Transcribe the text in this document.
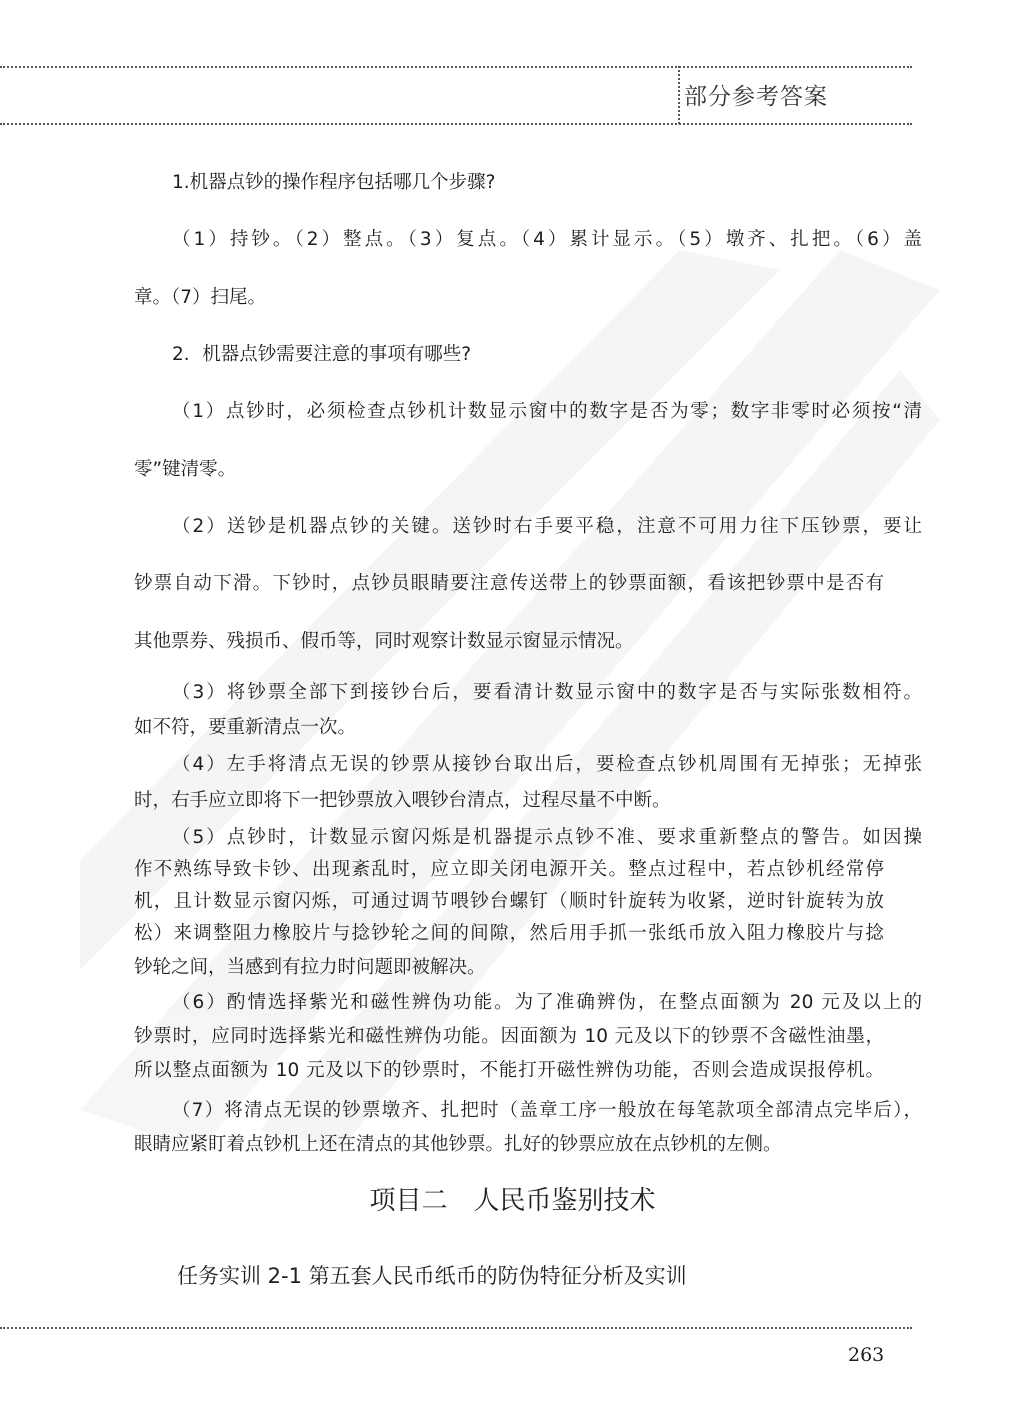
部分参考答案

1.机器点钞的操作程序包括哪几个步骤?

（1）持钞。（2）整点。（3）复点。（4）累计显示。（5）墩齐、扎把。（6）盖

章。（7）扫尾。

2．机器点钞需要注意的事项有哪些?

（1）点钞时，必须检查点钞机计数显示窗中的数字是否为零；数字非零时必须按“清

零”键清零。

（2）送钞是机器点钞的关键。送钞时右手要平稳，注意不可用力往下压钞票，要让

钞票自动下滑。下钞时，点钞员眼睛要注意传送带上的钞票面额，看该把钞票中是否有

其他票券、残损币、假币等，同时观察计数显示窗显示情况。

（3）将钞票全部下到接钞台后，要看清计数显示窗中的数字是否与实际张数相符。

如不符，要重新清点一次。

（4）左手将清点无误的钞票从接钞台取出后，要检查点钞机周围有无掉张；无掉张

时，右手应立即将下一把钞票放入喂钞台清点，过程尽量不中断。

（5）点钞时，计数显示窗闪烁是机器提示点钞不准、要求重新整点的警告。如因操

作不熟练导致卡钞、出现紊乱时，应立即关闭电源开关。整点过程中，若点钞机经常停

机，且计数显示窗闪烁，可通过调节喂钞台螺钉（顺时针旋转为收紧，逆时针旋转为放

松）来调整阻力橡胶片与捻钞轮之间的间隙，然后用手抓一张纸币放入阻力橡胶片与捻

钞轮之间，当感到有拉力时问题即被解决。

（6）酌情选择紫光和磁性辨伪功能。为了准确辨伪，在整点面额为 20 元及以上的

钞票时，应同时选择紫光和磁性辨伪功能。因面额为 10 元及以下的钞票不含磁性油墨，

所以整点面额为 10 元及以下的钞票时，不能打开磁性辨伪功能，否则会造成误报停机。

（7）将清点无误的钞票墩齐、扎把时（盖章工序一般放在每笔款项全部清点完毕后），

眼睛应紧盯着点钞机上还在清点的其他钞票。扎好的钞票应放在点钞机的左侧。

项目二　人民币鉴别技术
任务实训 2-1 第五套人民币纸币的防伪特征分析及实训
263
